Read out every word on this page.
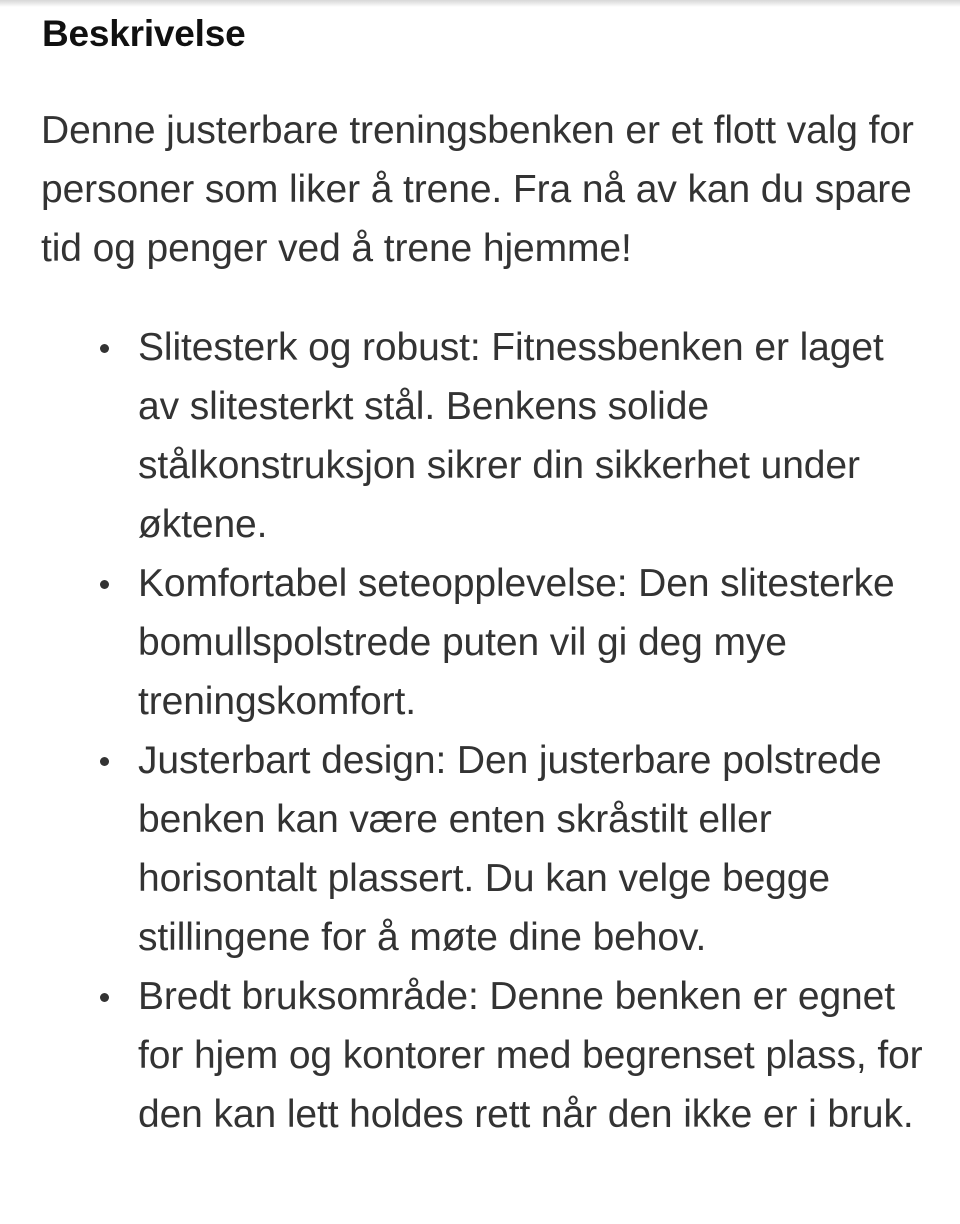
Beskrivelse

Denne justerbare treningsbenken er et flott valg for personer som liker å trene. Fra nå av kan du spare tid og penger ved å trene hjemme!

Slitesterk og robust: Fitnessbenken er laget av slitesterkt stål. Benkens solide stålkonstruksjon sikrer din sikkerhet under øktene.
Komfortabel seteopplevelse: Den slitesterke bomullspolstrede puten vil gi deg mye treningskomfort.
Justerbart design: Den justerbare polstrede benken kan være enten skråstilt eller horisontalt plassert. Du kan velge begge stillingene for å møte dine behov.
Bredt bruksområde: Denne benken er egnet for hjem og kontorer med begrenset plass, for den kan lett holdes rett når den ikke er i bruk.
